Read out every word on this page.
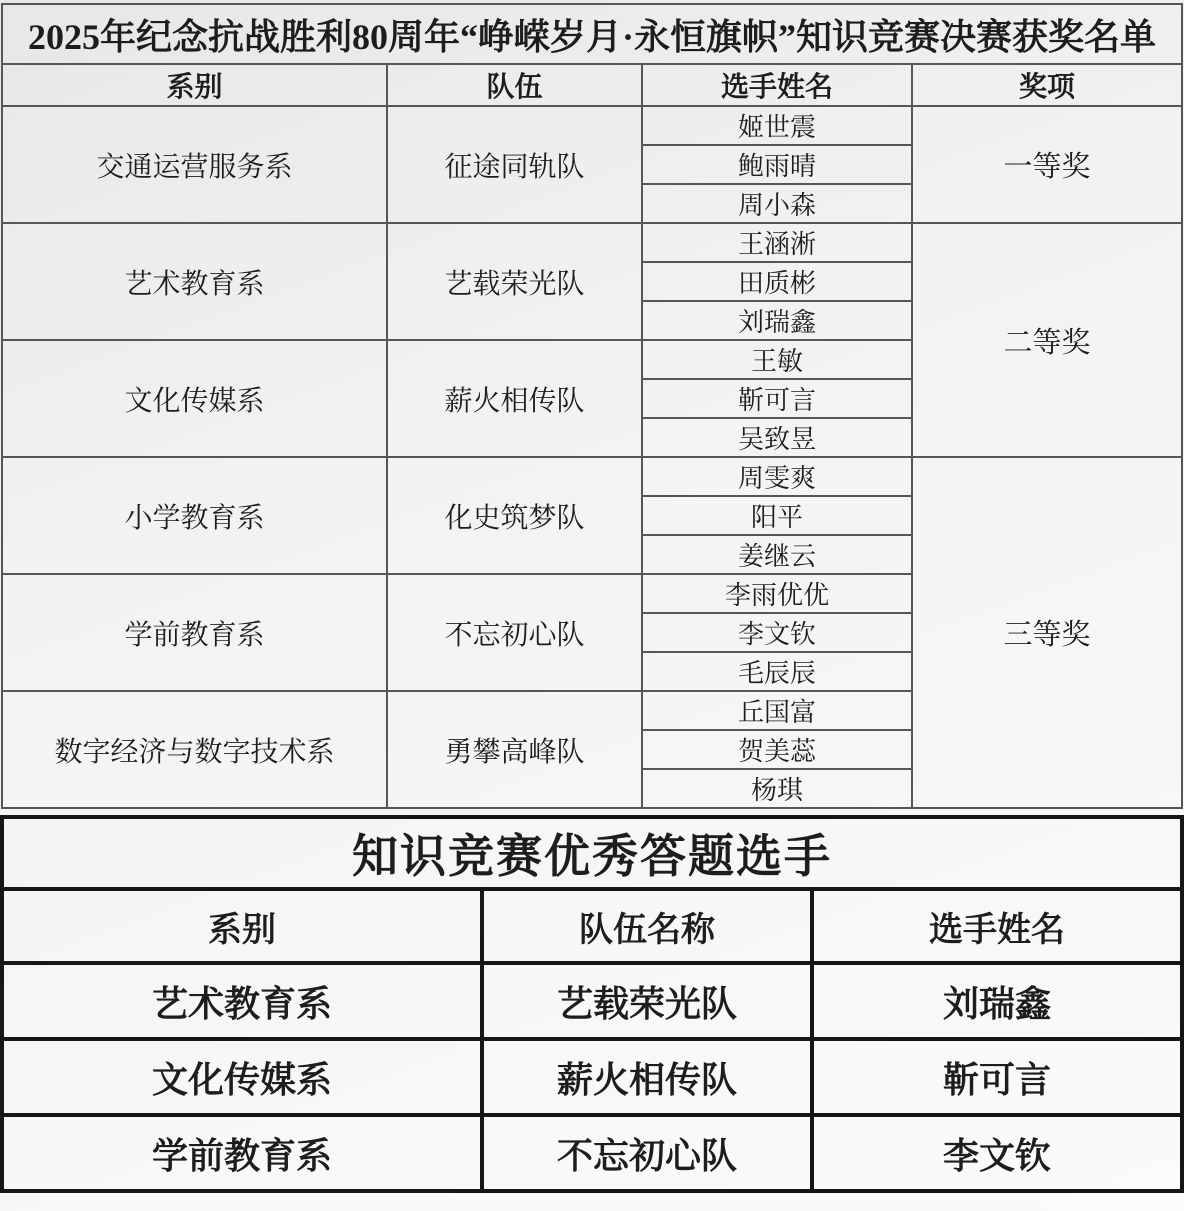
2025年纪念抗战胜利80周年“峥嵘岁月·永恒旗帜”知识竞赛决赛获奖名单			
系别	队伍	选手姓名	奖项
交通运营服务系	征途同轨队	姬世震	一等奖
		鲍雨晴	
		周小森	
艺术教育系	艺载荣光队	王涵淅	二等奖
		田质彬	
		刘瑞鑫	
文化传媒系	薪火相传队	王敏	
		靳可言	
		吴致昱	
小学教育系	化史筑梦队	周雯爽	三等奖
		阳平	
		姜继云	
学前教育系	不忘初心队	李雨优优	
		李文钦	
		毛辰辰	
数字经济与数字技术系	勇攀高峰队	丘国富	
		贺美蕊	
		杨琪	
知识竞赛优秀答题选手		
系别	队伍名称	选手姓名
艺术教育系	艺载荣光队	刘瑞鑫
文化传媒系	薪火相传队	靳可言
学前教育系	不忘初心队	李文钦
